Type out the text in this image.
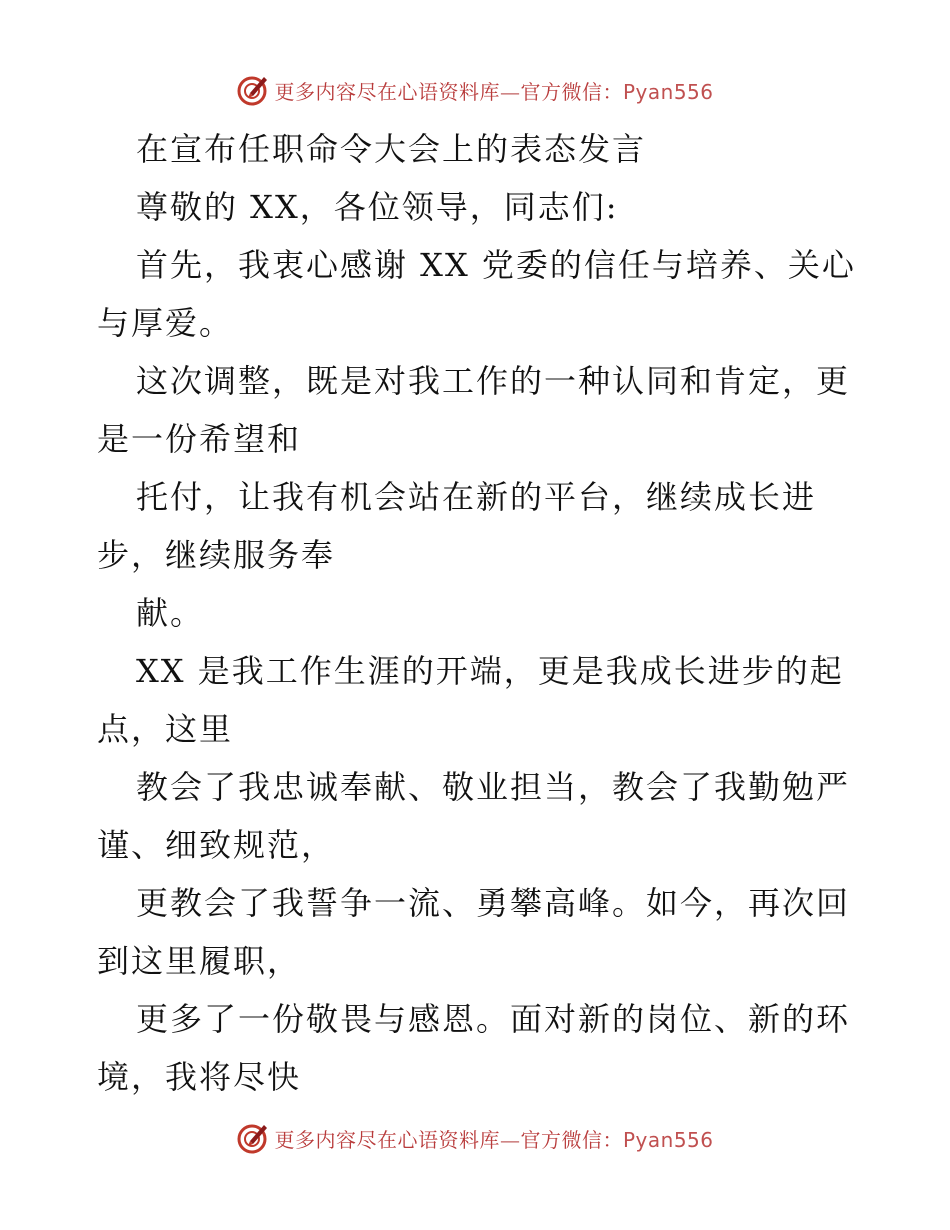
更多内容尽在心语资料库—官方微信：Pyan556
在宣布任职命令大会上的表态发言
尊敬的 XX，各位领导，同志们:
首先，我衷心感谢 XX 党委的信任与培养、关心
与厚爱。
这次调整，既是对我工作的一种认同和肯定，更
是一份希望和
托付，让我有机会站在新的平台，继续成长进
步，继续服务奉
献。
XX 是我工作生涯的开端，更是我成长进步的起
点，这里
教会了我忠诚奉献、敬业担当，教会了我勤勉严
谨、细致规范，
更教会了我誓争一流、勇攀高峰。如今，再次回
到这里履职，
更多了一份敬畏与感恩。面对新的岗位、新的环
境，我将尽快
更多内容尽在心语资料库—官方微信：Pyan556
